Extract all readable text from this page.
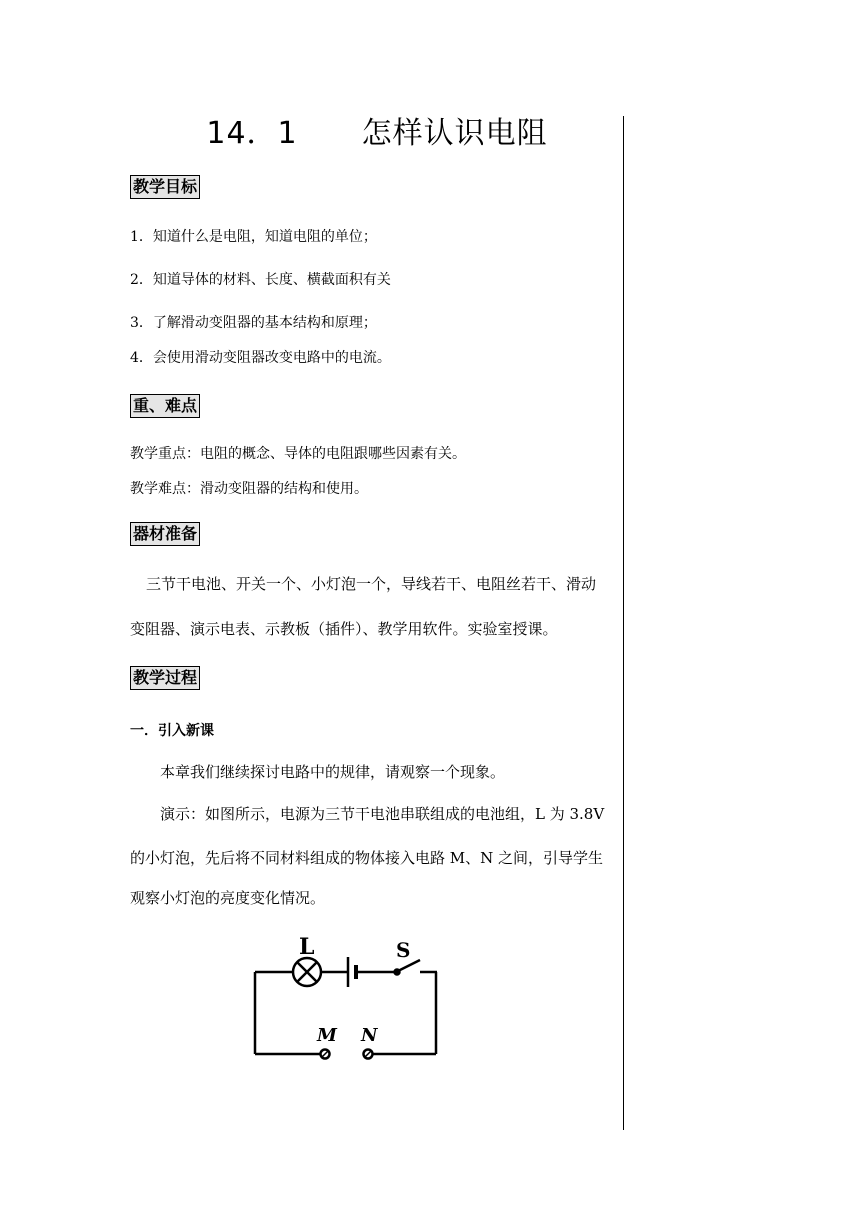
14．1 怎样认识电阻
教学目标
1．知道什么是电阻，知道电阻的单位；
2．知道导体的材料、长度、横截面积有关
3．了解滑动变阻器的基本结构和原理；
4．会使用滑动变阻器改变电路中的电流。
重、难点
教学重点：电阻的概念、导体的电阻跟哪些因素有关。
教学难点：滑动变阻器的结构和使用。
器材准备
三节干电池、开关一个、小灯泡一个，导线若干、电阻丝若干、滑动
变阻器、演示电表、示教板（插件）、教学用软件。实验室授课。
教学过程
一．引入新课
本章我们继续探讨电路中的规律，请观察一个现象。
演示：如图所示，电源为三节干电池串联组成的电池组，L 为 3.8V
的小灯泡，先后将不同材料组成的物体接入电路 M、N 之间，引导学生
观察小灯泡的亮度变化情况。
L	S
M N
